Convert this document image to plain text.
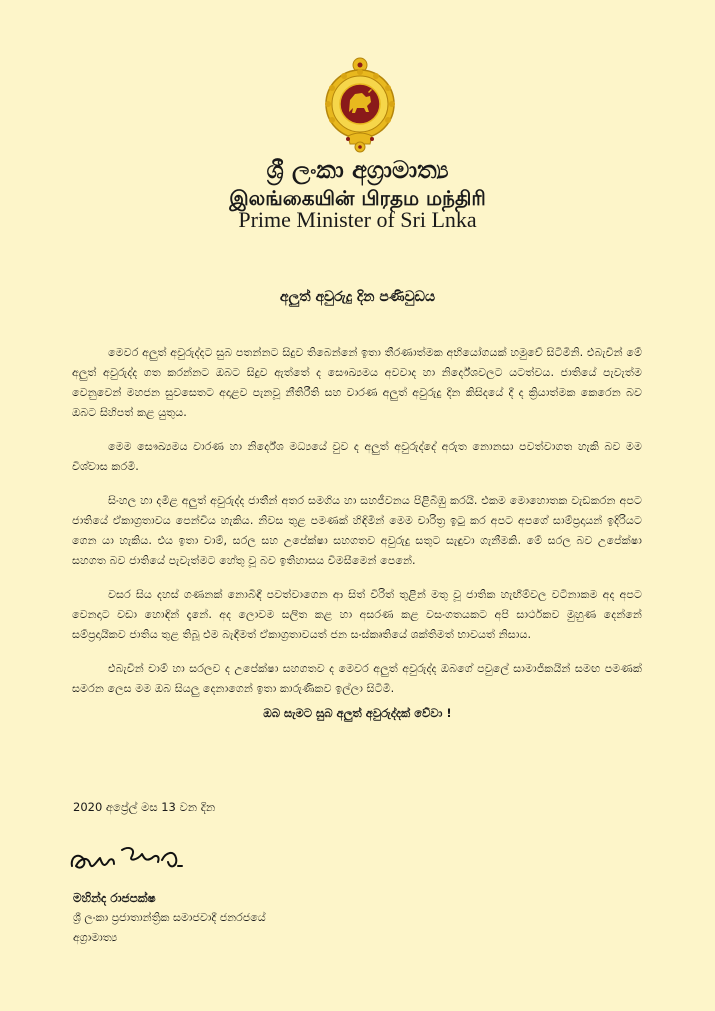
ශ්‍රී ලංකා අග්‍රාමාත්‍ය
இலங்கையின் பிரதம மந்திரி
Prime Minister of Sri Lnka
අලුත් අවුරුදු දින පණිවුඩය

මෙවර අලුත් අවුරුද්දට සුබ පතන්නට සිදුව තිබෙන්නේ ඉතා තීරණාත්මක අභියෝගයක් හමුවේ සිටිමිනි. එබැවින් මේ අලුත් අවුරුද්ද ගත කරන්නට ඔබට සිදුව ඇත්තේ ද සෞඛ්‍යමය අවවාද හා නිර්දේශවලට යටත්වය. ජාතියේ පැවැත්ම වෙනුවෙන් මහජන සුවසෙතට අදාළව පැනවූ නීතිරීති සහ වාරණ අලුත් අවුරුදු දින කිසිදයේ දී ද ක්‍රියාත්මක කෙරෙන බව ඔබට සිහිපත් කළ යුතුය.

මෙම සෞඛ්‍යමය වාරණ හා නිර්දේශ මධ්‍යයේ වුව ද අලුත් අවුරුද්දේ අරුත නොනසා පවත්වාගත හැකි බව මම විශ්වාස කරමි.

සිංහල හා දමිළ අලුත් අවුරුද්ද ජාතීන් අතර සමගිය හා සහජීවනය පිළිබිඹු කරයි. එකම මොහොතක වැඩකරන අපට ජාතියේ ඒකාග්‍රතාවය පෙන්විය හැකිය. නිවස තුළ පමණක් හිඳිමින් මෙම චාරිත්‍ර ඉටු කර අපට අපගේ සාම්ප්‍රදායන් ඉදිරියට ගෙන යා හැකිය. එය ඉතා චාම්, සරල සහ උපේක්ෂා සහගතව අවුරුදු සතුට සැඳුවා ගැනීමකි. මේ සරල බව උපේක්ෂා සහගත බව ජාතියේ පැවැත්මට හේතු වූ බව ඉතිහාසය විමසීමෙන් පෙනේ.

වසර සිය දහස් ගණනක් නොබිඳී පවත්වාගෙන ආ සිත් විරිත් තුළින් මතු වූ ජාතික හැඟීම්වල වටිනාකම අද අපට වෙනදාට වඩා හොඳින් දැනේ. අද ලොවම සලිත කළ හා අසරණ කළ වසංගතයකට අපි සාර්ථකව මුහුණ දෙන්නේ සම්ප්‍රදායිකව ජාතිය තුළ තිබූ එම බැඳීමත් ඒකාග්‍රතාවයත් ජන සංස්කෘතියේ ශක්තිමත් භාවයත් නිසාය.

එබැවින් චාම් හා සරලව ද උපේක්ෂා සහගතව ද මෙවර අලුත් අවුරුද්ද ඔබගේ පවුලේ සාමාජිකයින් සමඟ පමණක් සමරන ලෙස මම ඔබ සියලු දෙනාගෙන් ඉතා කාරුණිකව ඉල්ලා සිටිමි.

ඔබ සැමට සුබ අලුත් අවුරුද්දක් වේවා !
2020 අප්‍රේල් මස 13 වන දින
මහින්ද රාජපක්ෂ
ශ්‍රී ලංකා ප්‍රජාතාන්ත්‍රික සමාජවාදී ජනරජයේ
අග්‍රාමාත්‍ය
